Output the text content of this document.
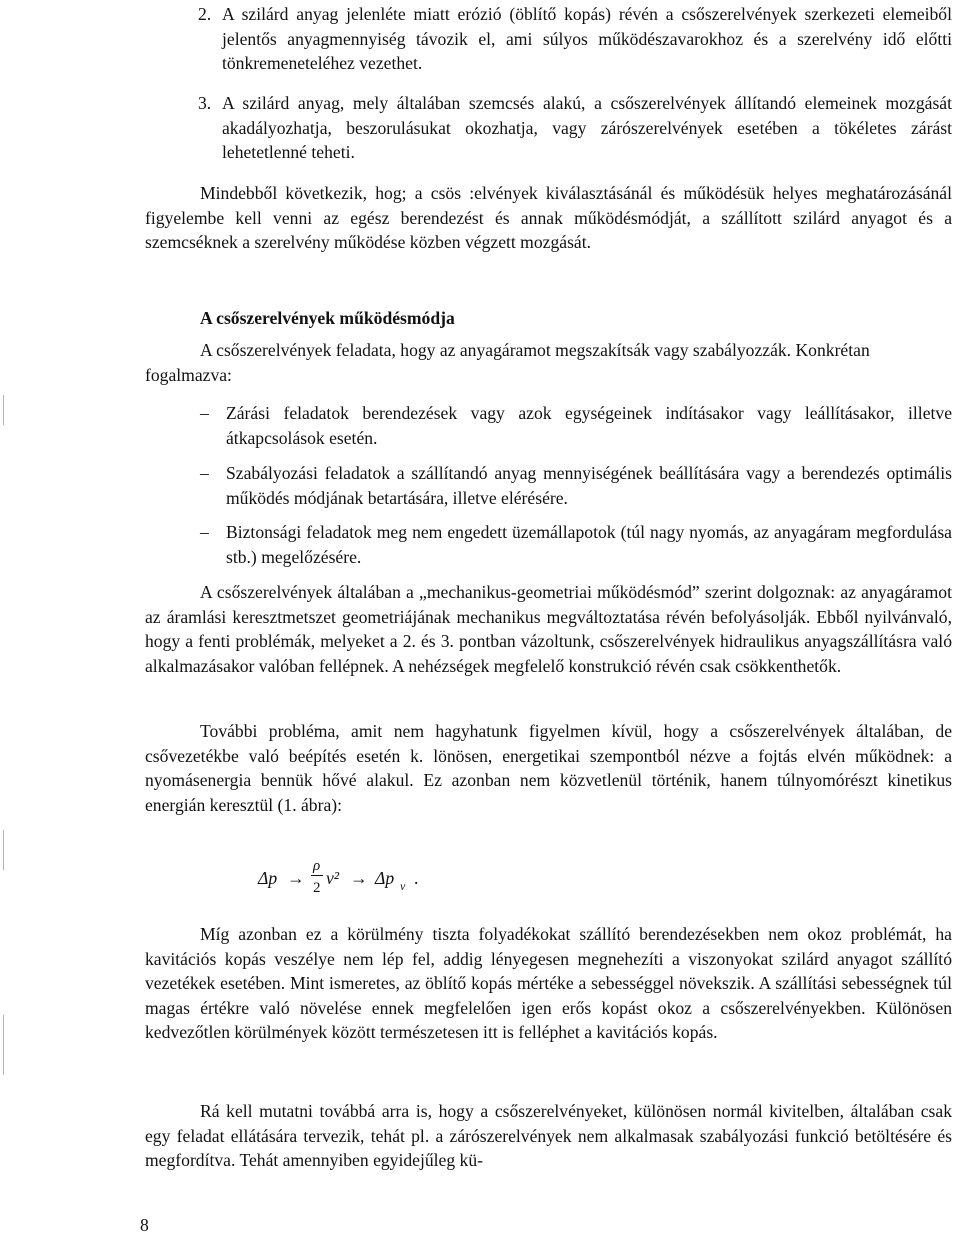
2. A szilárd anyag jelenléte miatt erózió (öblítő kopás) révén a csőszerelvények szerkezeti elemeiből jelentős anyagmennyiség távozik el, ami súlyos működészavarokhoz és a szerelvény idő előtti tönkremeneteléhez vezethet.

3. A szilárd anyag, mely általában szemcsés alakú, a csőszerelvények állítandó elemeinek mozgását akadályozhatja, beszorulásukat okozhatja, vagy zárószerelvények esetében a tökéletes zárást lehetetlenné teheti.

Mindebből következik, hog; a csös :elvények kiválasztásánál és működésük helyes meghatározásánál figyelembe kell venni az egész berendezést és annak működésmódját, a szállított szilárd anyagot és a szemcséknek a szerelvény működése közben végzett mozgását.

A csőszerelvények működésmódja

A csőszerelvények feladata, hogy az anyagáramot megszakítsák vagy szabályozzák. Konkrétan fogalmazva:

– Zárási feladatok berendezések vagy azok egységeinek indításakor vagy leállításakor, illetve átkapcsolások esetén.

– Szabályozási feladatok a szállítandó anyag mennyiségének beállítására vagy a berendezés optimális működés módjának betartására, illetve elérésére.

– Biztonsági feladatok meg nem engedett üzemállapotok (túl nagy nyomás, az anyagáram megfordulása stb.) megelőzésére.

A csőszerelvények általában a „mechanikus-geometriai működésmód” szerint dolgoznak: az anyagáramot az áramlási keresztmetszet geometriájának mechanikus megváltoztatása révén befolyásolják. Ebből nyilvánvaló, hogy a fenti problémák, melyeket a 2. és 3. pontban vázoltunk, csőszerelvények hidraulikus anyagszállításra való alkalmazásakor valóban fellépnek. A nehézségek megfelelő konstrukció révén csak csökkenthetők.

További probléma, amit nem hagyhatunk figyelmen kívül, hogy a csőszerelvények általában, de csővezetékbe való beépítés esetén k. lönösen, energetikai szempontból nézve a fojtás elvén működnek: a nyomásenergia bennük hővé alakul. Ez azonban nem közvetlenül történik, hanem túlnyomórészt kinetikus energián keresztül (1. ábra):

Δp →
ρ
2 v² → Δp v .

Míg azonban ez a körülmény tiszta folyadékokat szállító berendezésekben nem okoz problémát, ha kavitációs kopás veszélye nem lép fel, addig lényegesen megnehezíti a viszonyokat szilárd anyagot szállító vezetékek esetében. Mint ismeretes, az öblítő kopás mértéke a sebességgel növekszik. A szállítási sebességnek túl magas értékre való növelése ennek megfelelően igen erős kopást okoz a csőszerelvényekben. Különösen kedvezőtlen körülmények között természetesen itt is felléphet a kavitációs kopás.

Rá kell mutatni továbbá arra is, hogy a csőszerelvényeket, különösen normál kivitelben, általában csak egy feladat ellátására tervezik, tehát pl. a zárószerelvények nem alkalmasak szabályozási funkció betöltésére és megfordítva. Tehát amennyiben egyidejűleg kü-

8
